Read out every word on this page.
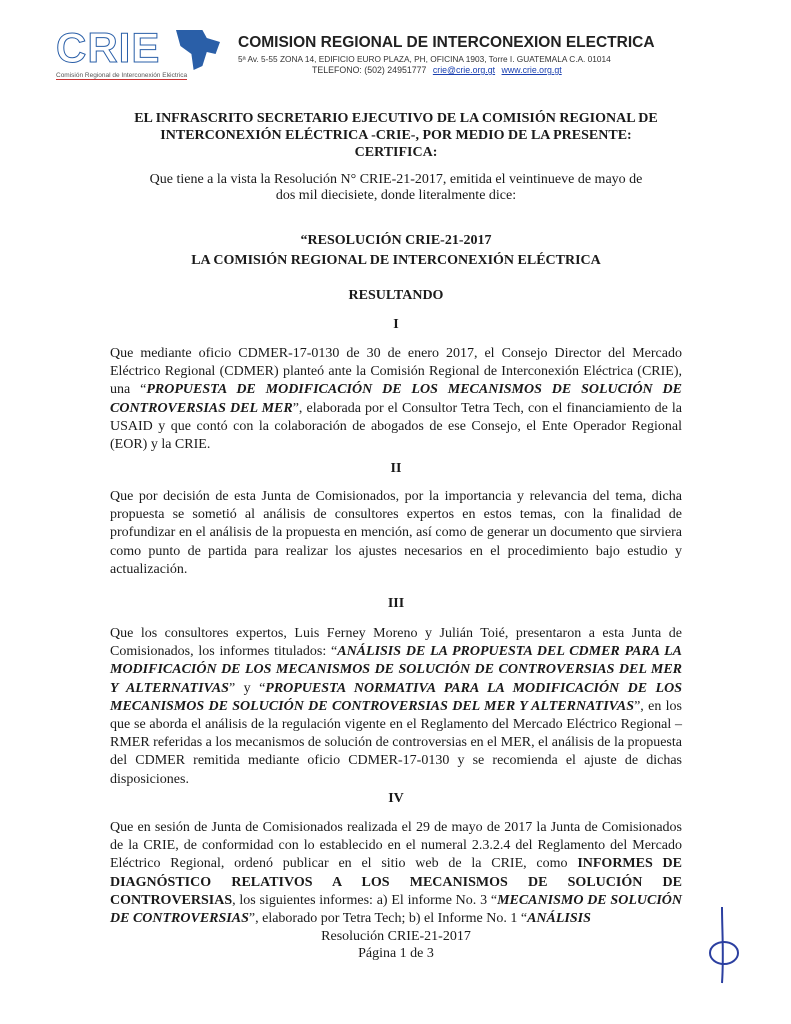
CRIE
Comisión Regional de Interconexión Eléctrica
COMISION REGIONAL DE INTERCONEXION ELECTRICA
5ª Av. 5-55 ZONA 14, EDIFICIO EURO PLAZA, PH, OFICINA 1903, Torre I. GUATEMALA C.A. 01014
TELEFONO: (502) 24951777 crie@crie.org.gt www.crie.org.gt
EL INFRASCRITO SECRETARIO EJECUTIVO DE LA COMISIÓN REGIONAL DE
INTERCONEXIÓN ELÉCTRICA -CRIE-, POR MEDIO DE LA PRESENTE:
CERTIFICA:
Que tiene a la vista la Resolución N° CRIE-21-2017, emitida el veintinueve de mayo de dos mil diecisiete, donde literalmente dice:
“RESOLUCIÓN CRIE-21-2017
LA COMISIÓN REGIONAL DE INTERCONEXIÓN ELÉCTRICA
RESULTANDO
I
Que mediante oficio CDMER-17-0130 de 30 de enero 2017, el Consejo Director del Mercado Eléctrico Regional (CDMER) planteó ante la Comisión Regional de Interconexión Eléctrica (CRIE), una “PROPUESTA DE MODIFICACIÓN DE LOS MECANISMOS DE SOLUCIÓN DE CONTROVERSIAS DEL MER”, elaborada por el Consultor Tetra Tech, con el financiamiento de la USAID y que contó con la colaboración de abogados de ese Consejo, el Ente Operador Regional (EOR) y la CRIE.
II
Que por decisión de esta Junta de Comisionados, por la importancia y relevancia del tema, dicha propuesta se sometió al análisis de consultores expertos en estos temas, con la finalidad de profundizar en el análisis de la propuesta en mención, así como de generar un documento que sirviera como punto de partida para realizar los ajustes necesarios en el procedimiento bajo estudio y actualización.
III
Que los consultores expertos, Luis Ferney Moreno y Julián Toié, presentaron a esta Junta de Comisionados, los informes titulados: “ANÁLISIS DE LA PROPUESTA DEL CDMER PARA LA MODIFICACIÓN DE LOS MECANISMOS DE SOLUCIÓN DE CONTROVERSIAS DEL MER Y ALTERNATIVAS” y “PROPUESTA NORMATIVA PARA LA MODIFICACIÓN DE LOS MECANISMOS DE SOLUCIÓN DE CONTROVERSIAS DEL MER Y ALTERNATIVAS”, en los que se aborda el análisis de la regulación vigente en el Reglamento del Mercado Eléctrico Regional –RMER referidas a los mecanismos de solución de controversias en el MER, el análisis de la propuesta del CDMER remitida mediante oficio CDMER-17-0130 y se recomienda el ajuste de dichas disposiciones.
IV
Que en sesión de Junta de Comisionados realizada el 29 de mayo de 2017 la Junta de Comisionados de la CRIE, de conformidad con lo establecido en el numeral 2.3.2.4 del Reglamento del Mercado Eléctrico Regional, ordenó publicar en el sitio web de la CRIE, como INFORMES DE DIAGNÓSTICO RELATIVOS A LOS MECANISMOS DE SOLUCIÓN DE CONTROVERSIAS, los siguientes informes: a) El informe No. 3 “MECANISMO DE SOLUCIÓN DE CONTROVERSIAS”, elaborado por Tetra Tech; b) el Informe No. 1 “ANÁLISIS
Resolución CRIE-21-2017
Página 1 de 3
